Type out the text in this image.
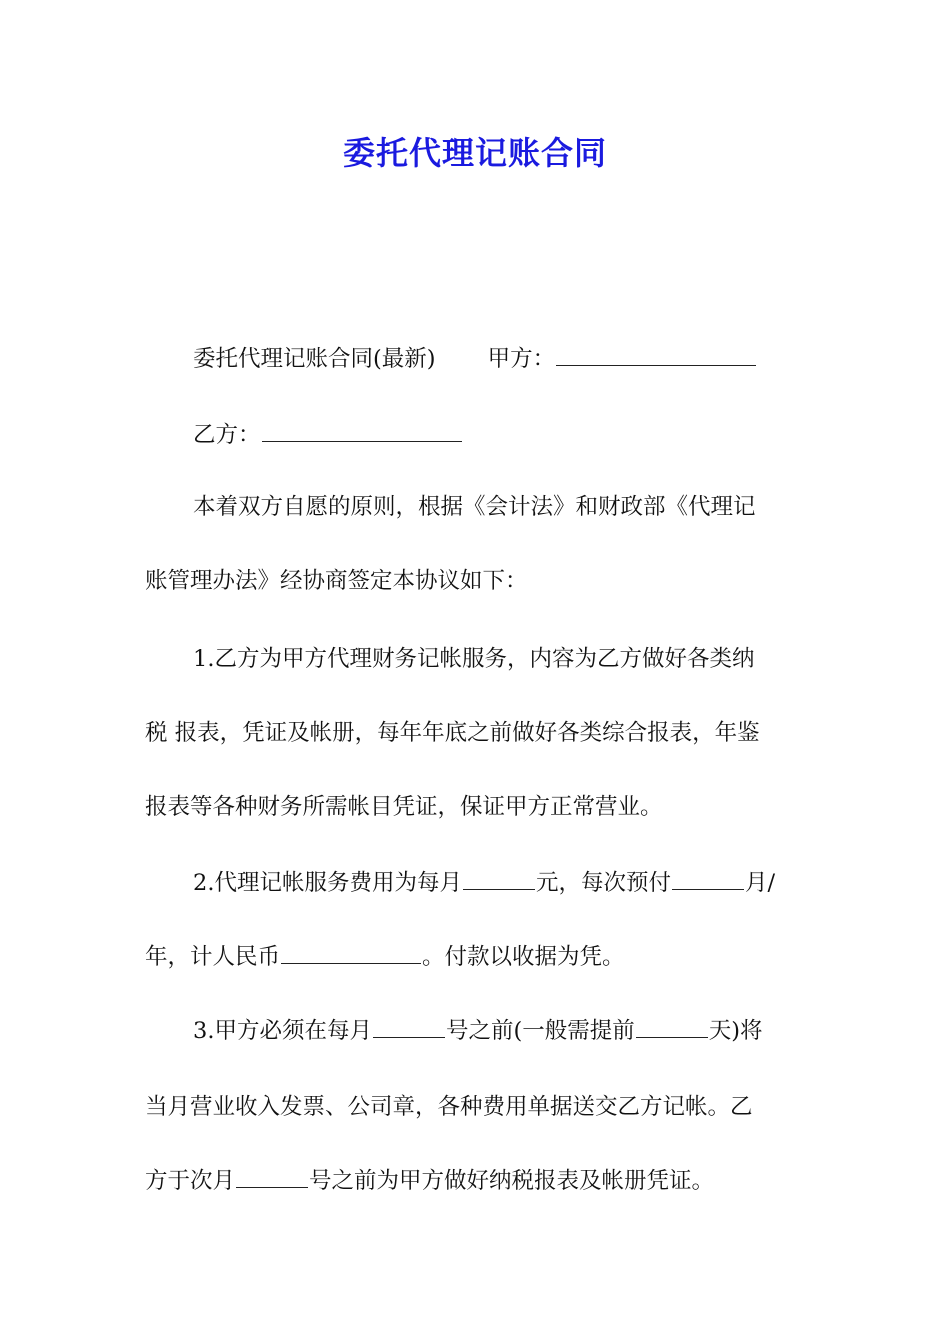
委托代理记账合同
委托代理记账合同(最新) 甲方：
乙方：
本着双方自愿的原则，根据《会计法》和财政部《代理记
账管理办法》经协商签定本协议如下：
1.乙方为甲方代理财务记帐服务，内容为乙方做好各类纳
税 报表，凭证及帐册，每年年底之前做好各类综合报表，年鉴
报表等各种财务所需帐目凭证，保证甲方正常营业。
2.代理记帐服务费用为每月	元，每次预付	月/
年，计人民币	。付款以收据为凭。
3.甲方必须在每月	号之前(一般需提前	天)将
当月营业收入发票、公司章，各种费用单据送交乙方记帐。乙
方于次月	号之前为甲方做好纳税报表及帐册凭证。
